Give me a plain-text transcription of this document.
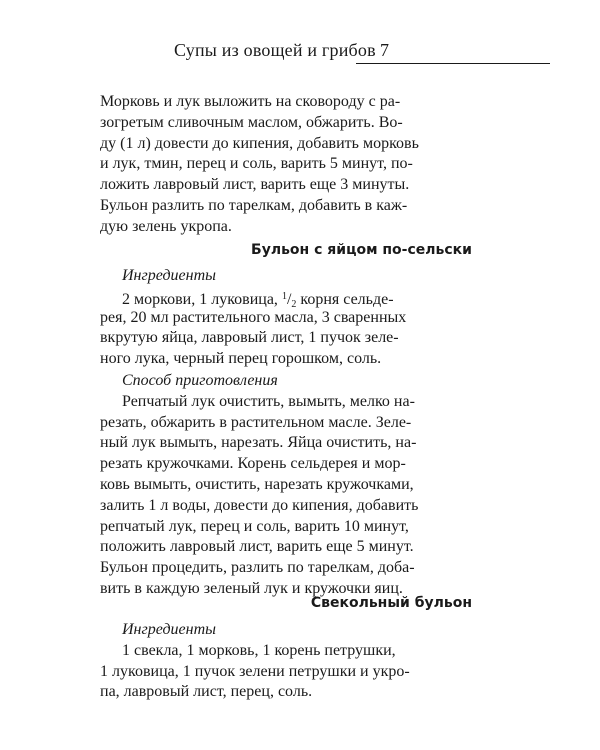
Супы из овощей и грибов 7
Морковь и лук выложить на сковороду с ра-
зогретым сливочным маслом, обжарить. Во-
ду (1 л) довести до кипения, добавить морковь
и лук, тмин, перец и соль, варить 5 минут, по-
ложить лавровый лист, варить еще 3 минуты.
Бульон разлить по тарелкам, добавить в каж-
дую зелень укропа.
Бульон с яйцом по-сельски
Ингредиенты
2 моркови, 1 луковица, $^1/_2$ корня сельде-
рея, 20 мл растительного масла, 3 сваренных
вкрутую яйца, лавровый лист, 1 пучок зеле-
ного лука, черный перец горошком, соль.
Способ приготовления
Репчатый лук очистить, вымыть, мелко на-
резать, обжарить в растительном масле. Зеле-
ный лук вымыть, нарезать. Яйца очистить, на-
резать кружочками. Корень сельдерея и мор-
ковь вымыть, очистить, нарезать кружочками,
залить 1 л воды, довести до кипения, добавить
репчатый лук, перец и соль, варить 10 минут,
положить лавровый лист, варить еще 5 минут.
Бульон процедить, разлить по тарелкам, доба-
вить в каждую зеленый лук и кружочки яиц.
Свекольный бульон
Ингредиенты
1 свекла, 1 морковь, 1 корень петрушки,
1 луковица, 1 пучок зелени петрушки и укро-
па, лавровый лист, перец, соль.
